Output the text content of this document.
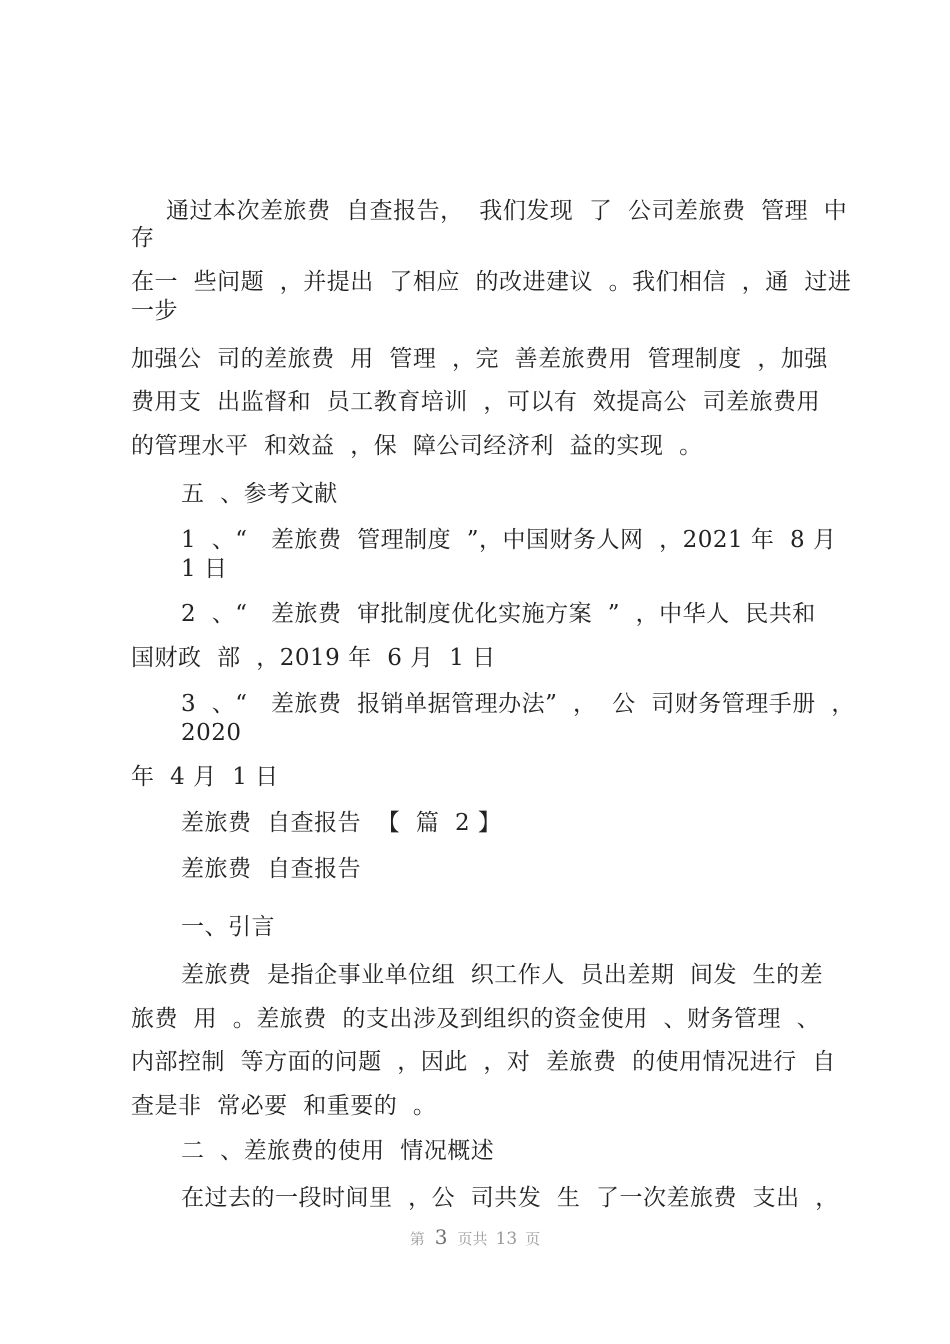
通过本次差旅费  自查报告，  我们发现  了  公司差旅费  管理  中
存
在一  些问题  ，并提出  了相应  的改进建议  。我们相信  ，通  过进
一步
加强公  司的差旅费  用  管理  ，完  善差旅费用  管理制度  ，加强
费用支  出监督和  员工教育培训  ，可以有  效提高公  司差旅费用
的管理水平  和效益  ，保  障公司经济利  益的实现  。
五  、参考文献
1  、“   差旅费  管理制度  ”，中国财务人网  ，2021 年  8 月
1 日
2  、“   差旅费  审批制度优化实施方案  ”  ，中华人  民共和
国财政  部  ，2019 年  6 月  1 日
3  、“   差旅费  报销单据管理办法”  ，  公  司财务管理手册  ，
2020
年  4 月  1 日
差旅费  自查报告  【  篇  2 】
差旅费  自查报告
一、引言
差旅费  是指企事业单位组  织工作人  员出差期  间发  生的差
旅费  用  。差旅费  的支出涉及到组织的资金使用  、财务管理  、
内部控制  等方面的问题  ，因此  ，对  差旅费  的使用情况进行  自
查是非  常必要  和重要的  。
二  、差旅费的使用  情况概述
在过去的一段时间里  ，公  司共发  生  了一次差旅费  支出  ，
第 3 页共 13 页
